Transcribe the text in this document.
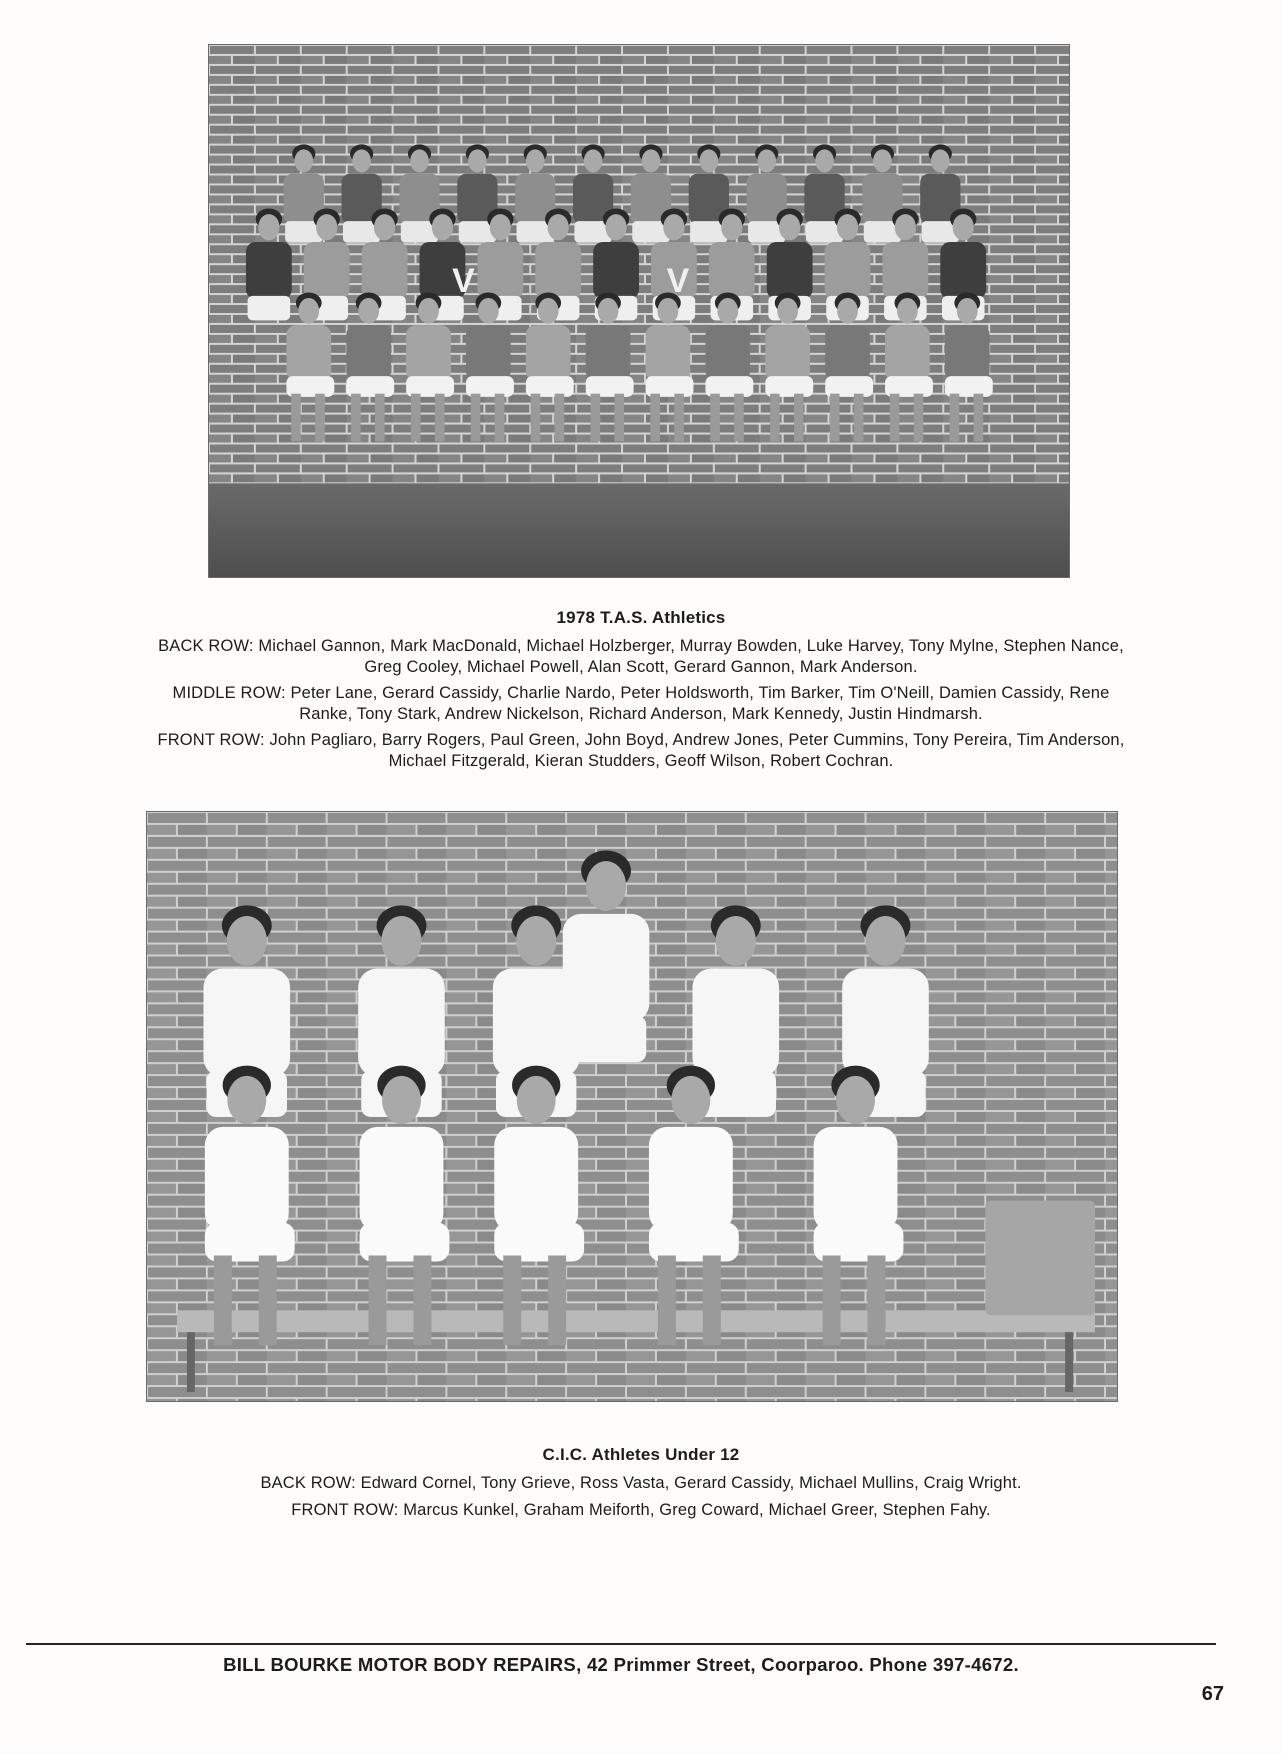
V	V
1978 T.A.S. Athletics
BACK ROW: Michael Gannon, Mark MacDonald, Michael Holzberger, Murray Bowden, Luke Harvey, Tony Mylne, Stephen Nance,
Greg Cooley, Michael Powell, Alan Scott, Gerard Gannon, Mark Anderson.
MIDDLE ROW: Peter Lane, Gerard Cassidy, Charlie Nardo, Peter Holdsworth, Tim Barker, Tim O'Neill, Damien Cassidy, Rene
Ranke, Tony Stark, Andrew Nickelson, Richard Anderson, Mark Kennedy, Justin Hindmarsh.
FRONT ROW: John Pagliaro, Barry Rogers, Paul Green, John Boyd, Andrew Jones, Peter Cummins, Tony Pereira, Tim Anderson,
Michael Fitzgerald, Kieran Studders, Geoff Wilson, Robert Cochran.
C.I.C. Athletes Under 12
BACK ROW: Edward Cornel, Tony Grieve, Ross Vasta, Gerard Cassidy, Michael Mullins, Craig Wright.
FRONT ROW: Marcus Kunkel, Graham Meiforth, Greg Coward, Michael Greer, Stephen Fahy.
BILL BOURKE MOTOR BODY REPAIRS, 42 Primmer Street, Coorparoo. Phone 397-4672.
67
